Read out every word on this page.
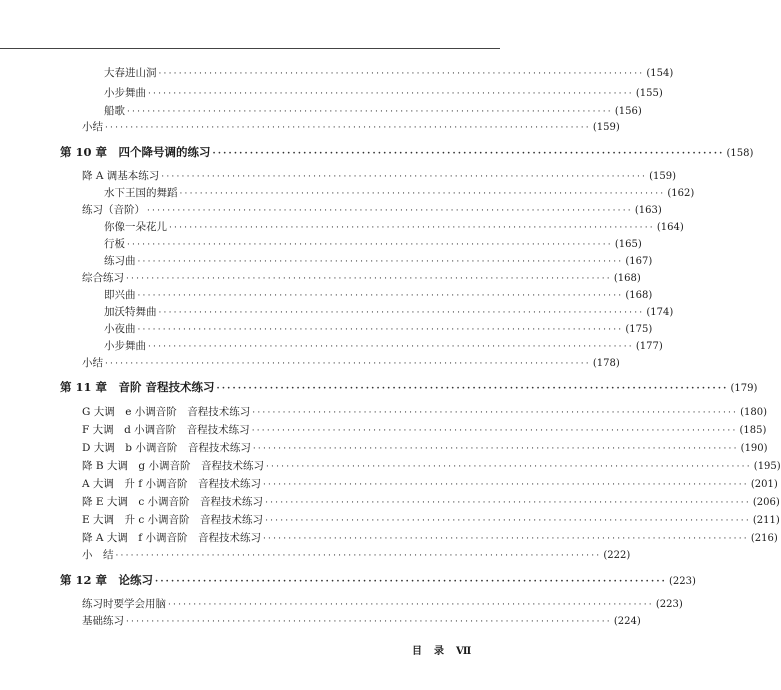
大春进山洞 ································································································ (154)
小步舞曲 ································································································ (155)
船歌 ································································································ (156)
小结 ································································································ (159)
第 10 章　四个降号调的练习 ································································································ (158)
降 A 调基本练习 ································································································ (159)
水下王国的舞蹈 ································································································ (162)
练习（音阶） ································································································ (163)
你像一朵花儿 ································································································ (164)
行板 ································································································ (165)
练习曲 ································································································ (167)
综合练习 ································································································ (168)
即兴曲 ································································································ (168)
加沃特舞曲 ································································································ (174)
小夜曲 ································································································ (175)
小步舞曲 ································································································ (177)
小结 ································································································ (178)
第 11 章　音阶 音程技术练习 ································································································ (179)
G 大调　e 小调音阶　音程技术练习 ································································································ (180)
F 大调　d 小调音阶　音程技术练习 ································································································ (185)
D 大调　b 小调音阶　音程技术练习 ································································································ (190)
降 B 大调　g 小调音阶　音程技术练习 ································································································ (195)
A 大调　升 f 小调音阶　音程技术练习 ································································································ (201)
降 E 大调　c 小调音阶　音程技术练习 ································································································ (206)
E 大调　升 c 小调音阶　音程技术练习 ································································································ (211)
降 A 大调　f 小调音阶　音程技术练习 ································································································ (216)
小　结 ································································································ (222)
第 12 章　论练习 ································································································ (223)
练习时要学会用脑 ································································································ (223)
基础练习 ································································································ (224)
目 录 Ⅶ
